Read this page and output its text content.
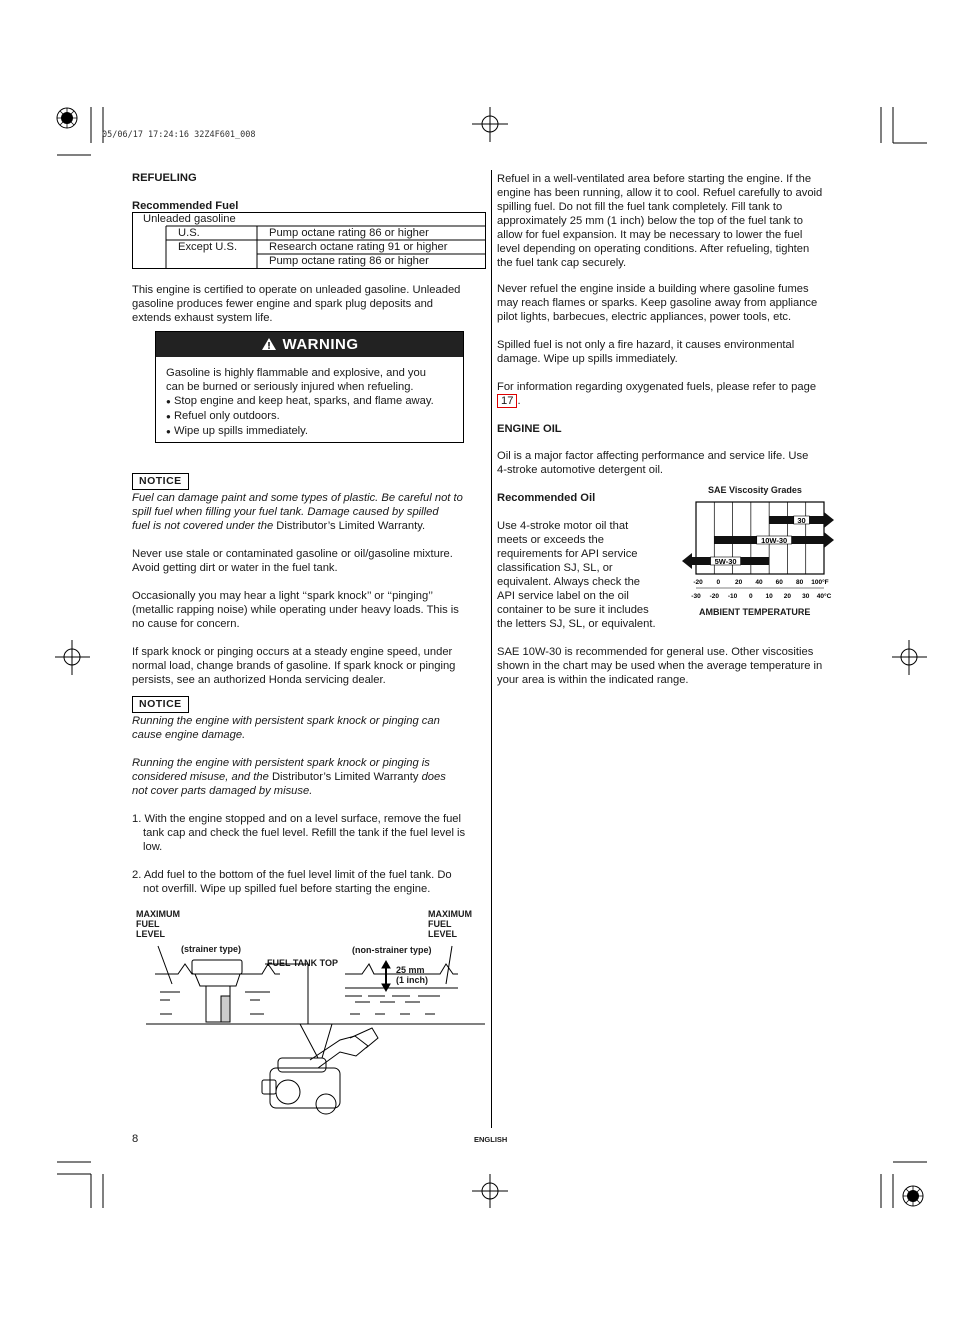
05/06/17 17:24:16 32Z4F601_008
REFUELING
Recommended Fuel
Unleaded gasoline
U.S.	Pump octane rating 86 or higher
Except U.S.	Research octane rating 91 or higher
Pump octane rating 86 or higher
This engine is certified to operate on unleaded gasoline. Unleaded
gasoline produces fewer engine and spark plug deposits and
extends exhaust system life.
WARNING
Gasoline is highly flammable and explosive, and you
can be burned or seriously injured when refueling.
● Stop engine and keep heat, sparks, and flame away.
● Refuel only outdoors.
● Wipe up spills immediately.
NOTICE
Fuel can damage paint and some types of plastic. Be careful not to
spill fuel when filling your fuel tank. Damage caused by spilled
fuel is not covered under the Distributor’s Limited Warranty.
Never use stale or contaminated gasoline or oil/gasoline mixture.
Avoid getting dirt or water in the fuel tank.
Occasionally you may hear a light ‘‘spark knock’’ or ‘‘pinging’’
(metallic rapping noise) while operating under heavy loads. This is
no cause for concern.
If spark knock or pinging occurs at a steady engine speed, under
normal load, change brands of gasoline. If spark knock or pinging
persists, see an authorized Honda servicing dealer.
NOTICE
Running the engine with persistent spark knock or pinging can
cause engine damage.
Running the engine with persistent spark knock or pinging is
considered misuse, and the Distributor’s Limited Warranty does
not cover parts damaged by misuse.
1. With the engine stopped and on a level surface, remove the fuel
tank cap and check the fuel level. Refill the tank if the fuel level is
low.
2. Add fuel to the bottom of the fuel level limit of the fuel tank. Do
not overfill. Wipe up spilled fuel before starting the engine.
MAXIMUM
FUEL
LEVEL
MAXIMUM
FUEL
LEVEL
(strainer type)	(non-strainer type)
FUEL TANK TOP
25 mm
(1 inch)
8
Refuel in a well-ventilated area before starting the engine. If the
engine has been running, allow it to cool. Refuel carefully to avoid
spilling fuel. Do not fill the fuel tank completely. Fill tank to
approximately 25 mm (1 inch) below the top of the fuel tank to
allow for fuel expansion. It may be necessary to lower the fuel
level depending on operating conditions. After refueling, tighten
the fuel tank cap securely.
Never refuel the engine inside a building where gasoline fumes
may reach flames or sparks. Keep gasoline away from appliance
pilot lights, barbecues, electric appliances, power tools, etc.
Spilled fuel is not only a fire hazard, it causes environmental
damage. Wipe up spills immediately.
For information regarding oxygenated fuels, please refer to page
17 .
ENGINE OIL
Oil is a major factor affecting performance and service life. Use
4-stroke automotive detergent oil.
Recommended Oil
Use 4-stroke motor oil that
meets or exceeds the
requirements for API service
classification SJ, SL, or
equivalent. Always check the
API service label on the oil
container to be sure it includes
the letters SJ, SL, or equivalent.
SAE Viscosity Grades
-30 -20 -10 0 10 20 30 40°C
-20 0 20 40 60 80 100°F
30
10W-30
5W-30
AMBIENT TEMPERATURE
SAE 10W-30 is recommended for general use. Other viscosities
shown in the chart may be used when the average temperature in
your area is within the indicated range.
ENGLISH
